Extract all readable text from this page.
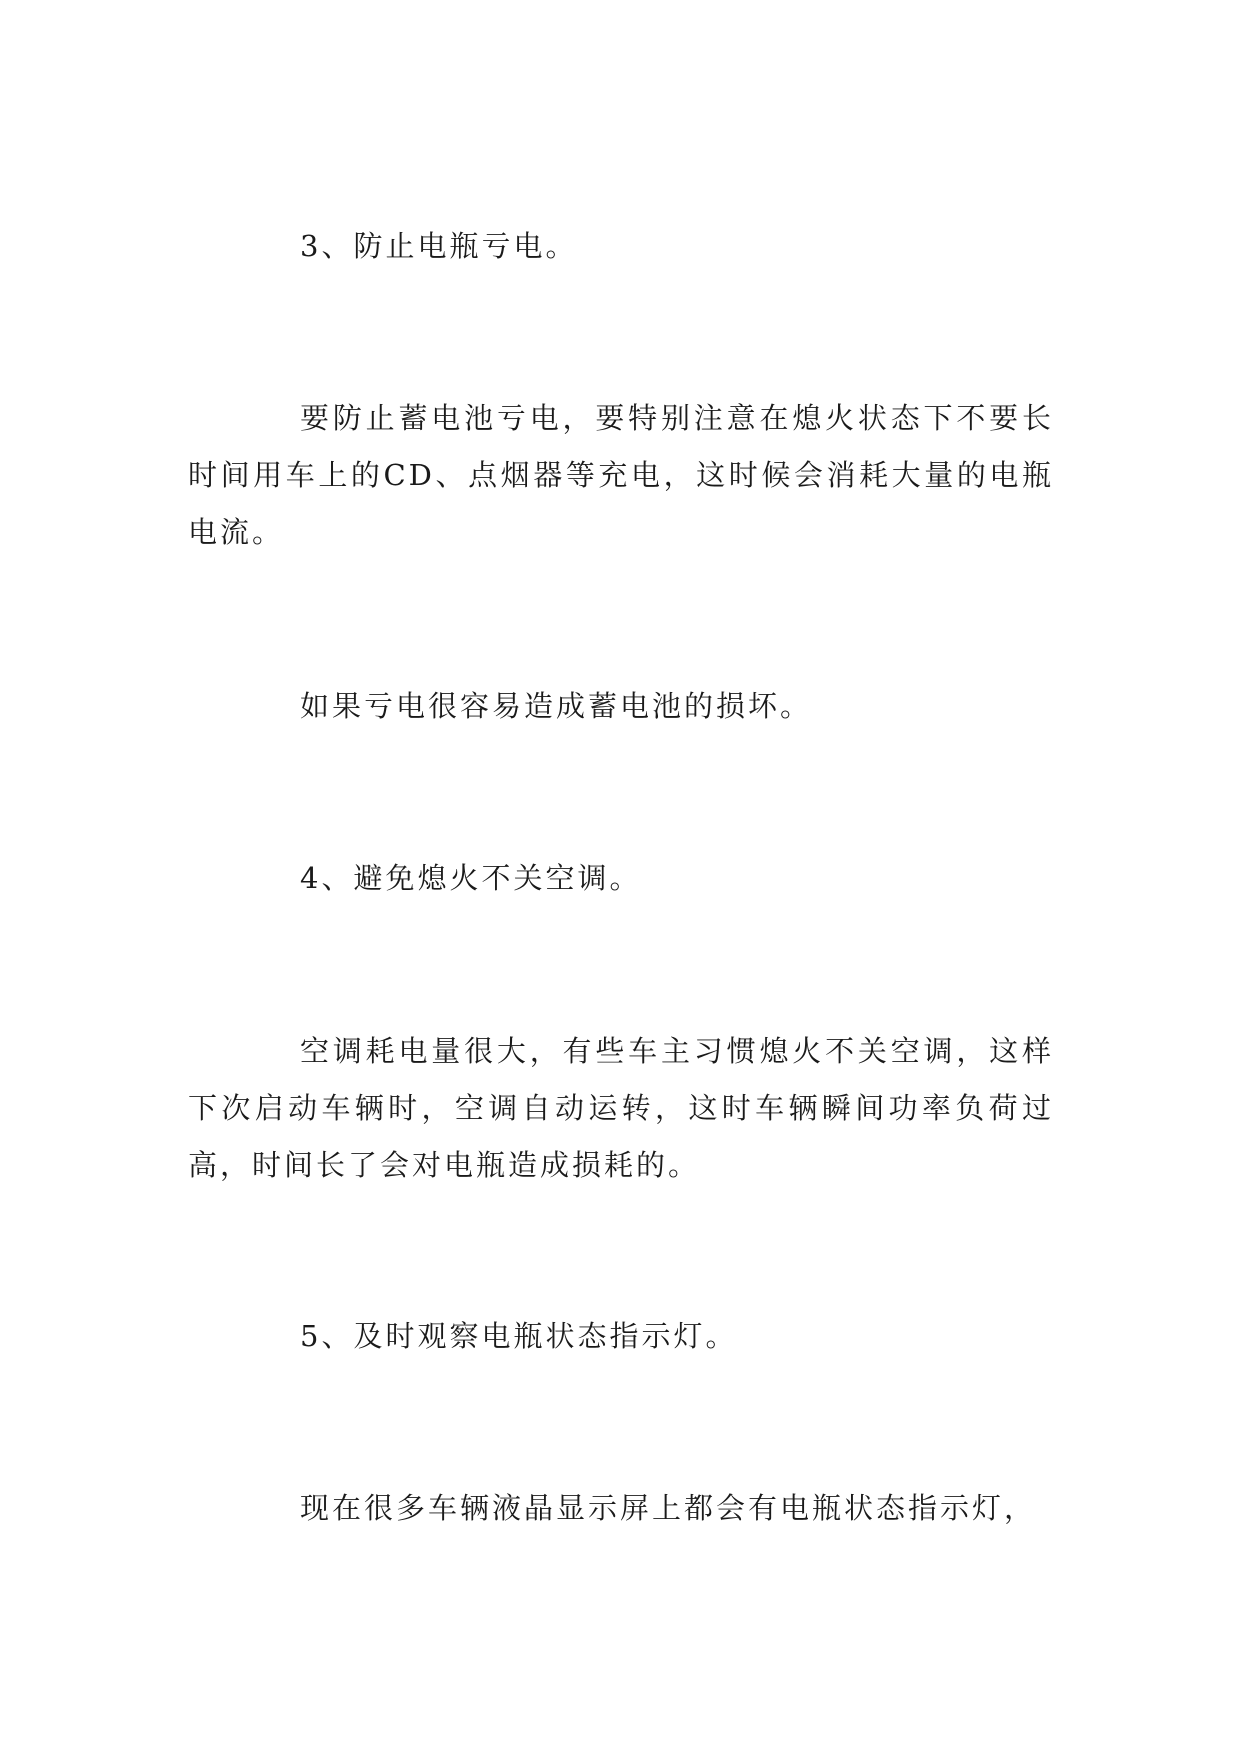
3、防止电瓶亏电。

要防止蓄电池亏电，要特别注意在熄火状态下不要长时间用车上的CD、点烟器等充电，这时候会消耗大量的电瓶电流。

如果亏电很容易造成蓄电池的损坏。

4、避免熄火不关空调。

空调耗电量很大，有些车主习惯熄火不关空调，这样下次启动车辆时，空调自动运转，这时车辆瞬间功率负荷过高，时间长了会对电瓶造成损耗的。

5、及时观察电瓶状态指示灯。

现在很多车辆液晶显示屏上都会有电瓶状态指示灯，
